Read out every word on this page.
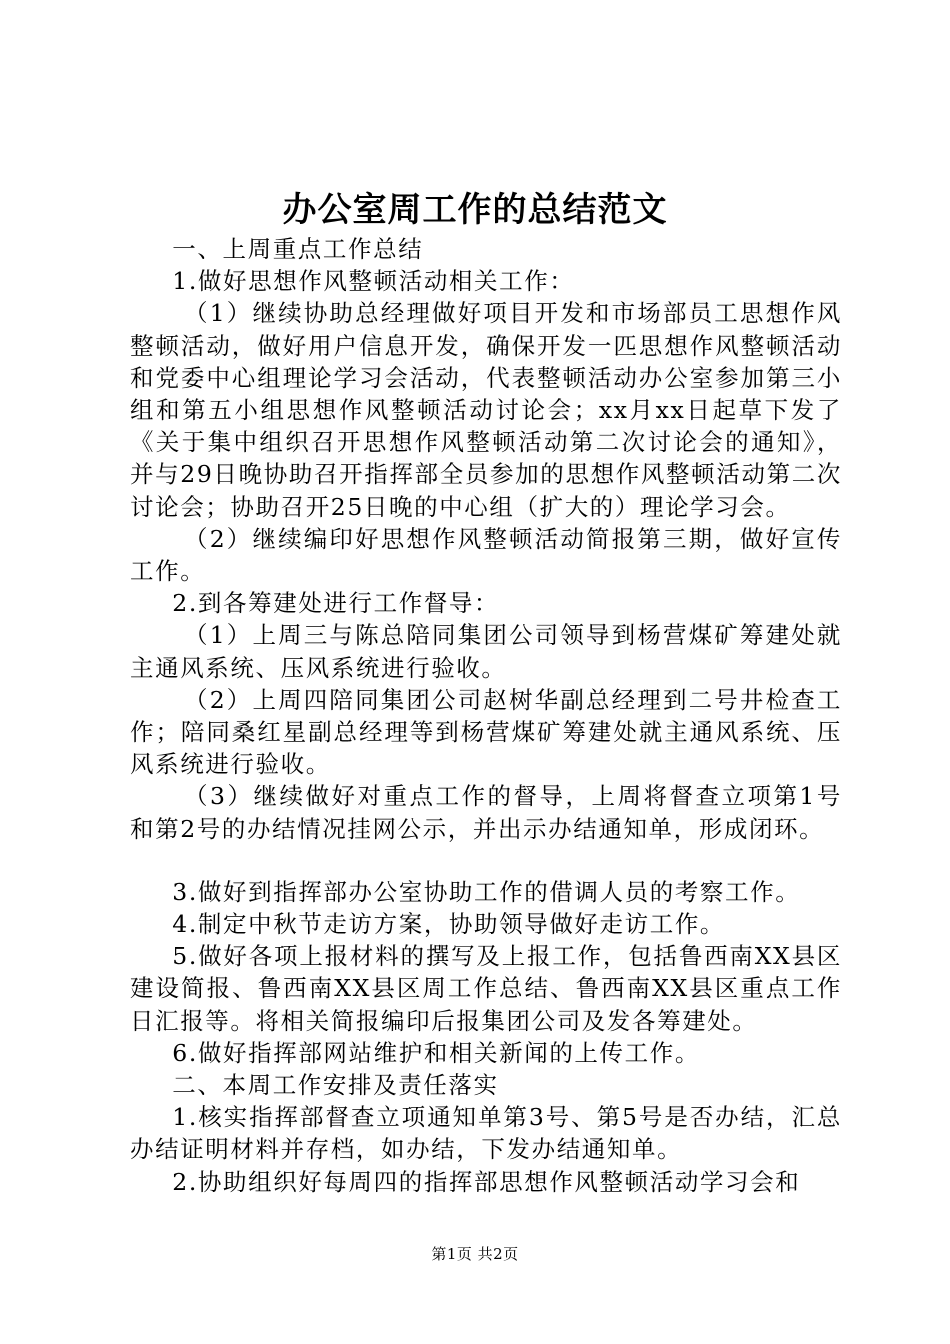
办公室周工作的总结范文

一、上周重点工作总结

1.做好思想作风整顿活动相关工作：

（1）继续协助总经理做好项目开发和市场部员工思想作风整顿活动，做好用户信息开发，确保开发一匹思想作风整顿活动和党委中心组理论学习会活动，代表整顿活动办公室参加第三小组和第五小组思想作风整顿活动讨论会；xx月xx日起草下发了《关于集中组织召开思想作风整顿活动第二次讨论会的通知》，并与29日晚协助召开指挥部全员参加的思想作风整顿活动第二次讨论会；协助召开25日晚的中心组（扩大的）理论学习会。

（2）继续编印好思想作风整顿活动简报第三期，做好宣传工作。

2.到各筹建处进行工作督导：

（1）上周三与陈总陪同集团公司领导到杨营煤矿筹建处就主通风系统、压风系统进行验收。

（2）上周四陪同集团公司赵树华副总经理到二号井检查工作；陪同桑红星副总经理等到杨营煤矿筹建处就主通风系统、压风系统进行验收。

（3）继续做好对重点工作的督导，上周将督查立项第1号和第2号的办结情况挂网公示，并出示办结通知单，形成闭环。

3.做好到指挥部办公室协助工作的借调人员的考察工作。

4.制定中秋节走访方案，协助领导做好走访工作。

5.做好各项上报材料的撰写及上报工作，包括鲁西南XX县区建设简报、鲁西南XX县区周工作总结、鲁西南XX县区重点工作日汇报等。将相关简报编印后报集团公司及发各筹建处。

6.做好指挥部网站维护和相关新闻的上传工作。

二、本周工作安排及责任落实

1.核实指挥部督查立项通知单第3号、第5号是否办结，汇总办结证明材料并存档，如办结，下发办结通知单。

2.协助组织好每周四的指挥部思想作风整顿活动学习会和

第1页 共2页
